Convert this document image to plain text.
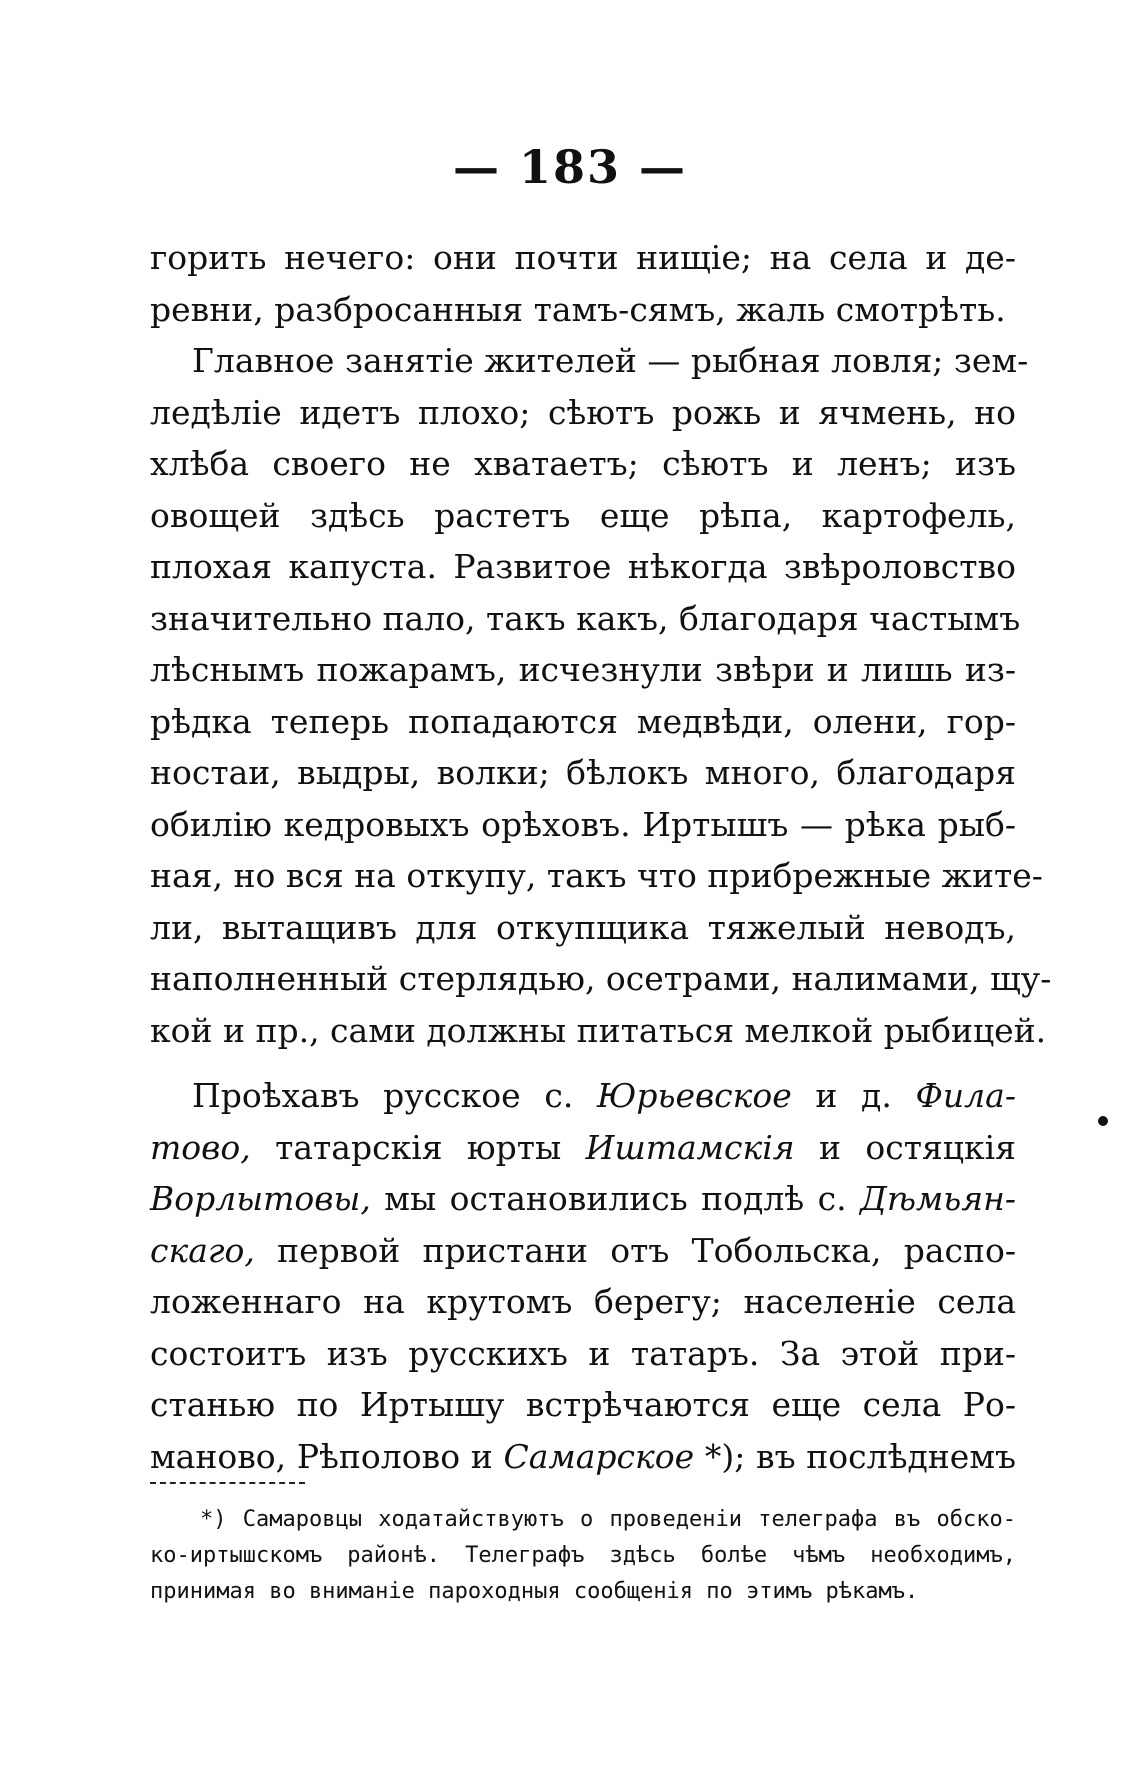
— 183 —
горить нечего: они почти нищіе; на села и де-
ревни, разбросанныя тамъ-сямъ, жаль смотрѣть.
Главное занятіе жителей — рыбная ловля; зем-
ледѣліе идетъ плохо; сѣютъ рожь и ячмень, но
хлѣба своего не хватаетъ; сѣютъ и ленъ; изъ
овощей здѣсь растетъ еще рѣпа, картофель,
плохая капуста. Развитое нѣкогда звѣроловство
значительно пало, такъ какъ, благодаря частымъ
лѣснымъ пожарамъ, исчезнули звѣри и лишь из-
рѣдка теперь попадаются медвѣди, олени, гор-
ностаи, выдры, волки; бѣлокъ много, благодаря
обилію кедровыхъ орѣховъ. Иртышъ — рѣка рыб-
ная, но вся на откупу, такъ что прибрежные жите-
ли, вытащивъ для откупщика тяжелый неводъ,
наполненный стерлядью, осетрами, налимами, щу-
кой и пр., сами должны питаться мелкой рыбицей.
Проѣхавъ русское с. Юрьевское и д. Фила-
тово, татарскія юрты Иштамскія и остяцкія
Ворлытовы, мы остановились подлѣ с. Дѣмьян-
скаго, первой пристани отъ Тобольска, распо-
ложеннаго на крутомъ берегу; населеніе села
состоитъ изъ русскихъ и татаръ. За этой при-
станью по Иртышу встрѣчаются еще села Ро-
маново, Рѣполово и Самарское *); въ послѣднемъ
*) Самаровцы ходатайствуютъ о проведеніи телеграфа въ обско-
ко-иртышскомъ районѣ. Телеграфъ здѣсь болѣе чѣмъ необходимъ,
принимая во вниманіе пароходныя сообщенія по этимъ рѣкамъ.
